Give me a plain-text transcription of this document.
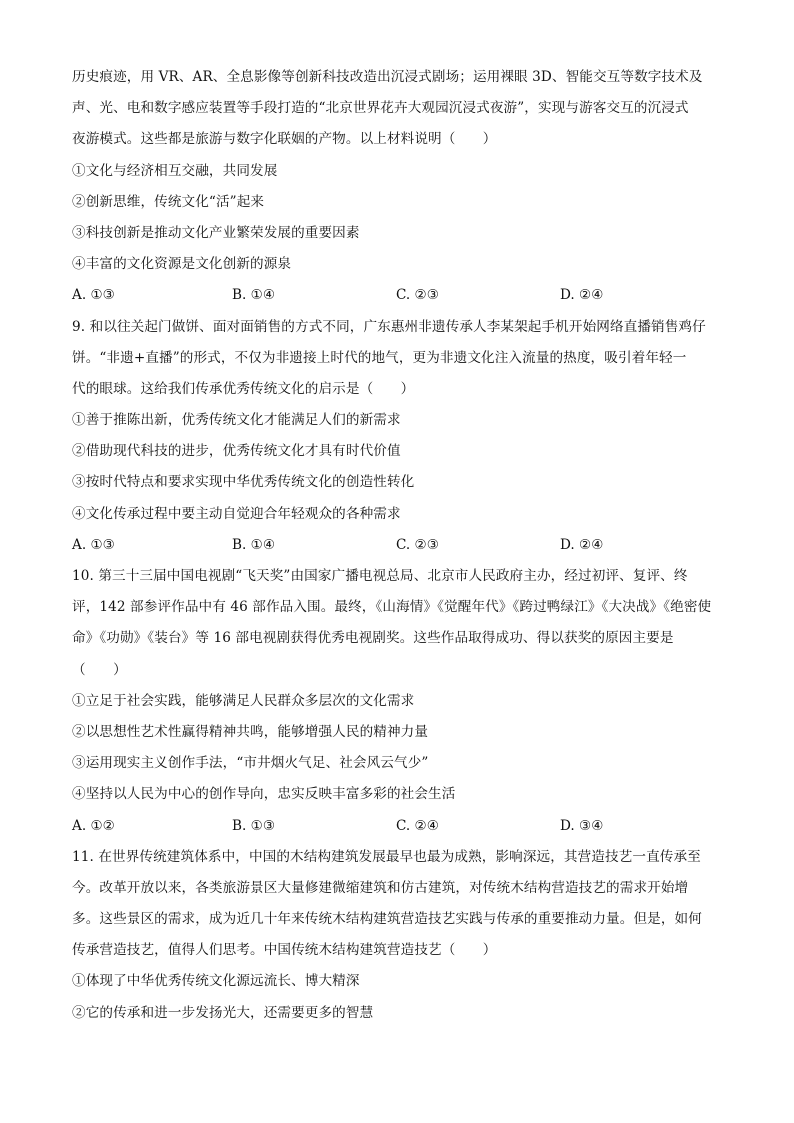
历史痕迹，用 VR、AR、全息影像等创新科技改造出沉浸式剧场；运用裸眼 3D、智能交互等数字技术及
声、光、电和数字感应装置等手段打造的“北京世界花卉大观园沉浸式夜游”，实现与游客交互的沉浸式
夜游模式。这些都是旅游与数字化联姻的产物。以上材料说明（　　）
①文化与经济相互交融，共同发展
②创新思维，传统文化“活”起来
③科技创新是推动文化产业繁荣发展的重要因素
④丰富的文化资源是文化创新的源泉
A. ①③	B. ①④	C. ②③	D. ②④
9. 和以往关起门做饼、面对面销售的方式不同，广东惠州非遗传承人李某架起手机开始网络直播销售鸡仔
饼。“非遗+直播”的形式，不仅为非遗接上时代的地气，更为非遗文化注入流量的热度，吸引着年轻一
代的眼球。这给我们传承优秀传统文化的启示是（　　）
①善于推陈出新，优秀传统文化才能满足人们的新需求
②借助现代科技的进步，优秀传统文化才具有时代价值
③按时代特点和要求实现中华优秀传统文化的创造性转化
④文化传承过程中要主动自觉迎合年轻观众的各种需求
A. ①③	B. ①④	C. ②③	D. ②④
10. 第三十三届中国电视剧“飞天奖”由国家广播电视总局、北京市人民政府主办，经过初评、复评、终
评，142 部参评作品中有 46 部作品入围。最终，《山海情》《觉醒年代》《跨过鸭绿江》《大决战》《绝密使
命》《功勋》《装台》等 16 部电视剧获得优秀电视剧奖。这些作品取得成功、得以获奖的原因主要是
（　　）
①立足于社会实践，能够满足人民群众多层次的文化需求
②以思想性艺术性赢得精神共鸣，能够增强人民的精神力量
③运用现实主义创作手法，“市井烟火气足、社会风云气少”
④坚持以人民为中心的创作导向，忠实反映丰富多彩的社会生活
A. ①②	B. ①③	C. ②④	D. ③④
11. 在世界传统建筑体系中，中国的木结构建筑发展最早也最为成熟，影响深远，其营造技艺一直传承至
今。改革开放以来，各类旅游景区大量修建微缩建筑和仿古建筑，对传统木结构营造技艺的需求开始增
多。这些景区的需求，成为近几十年来传统木结构建筑营造技艺实践与传承的重要推动力量。但是，如何
传承营造技艺，值得人们思考。中国传统木结构建筑营造技艺（　　）
①体现了中华优秀传统文化源远流长、博大精深
②它的传承和进一步发扬光大，还需要更多的智慧
